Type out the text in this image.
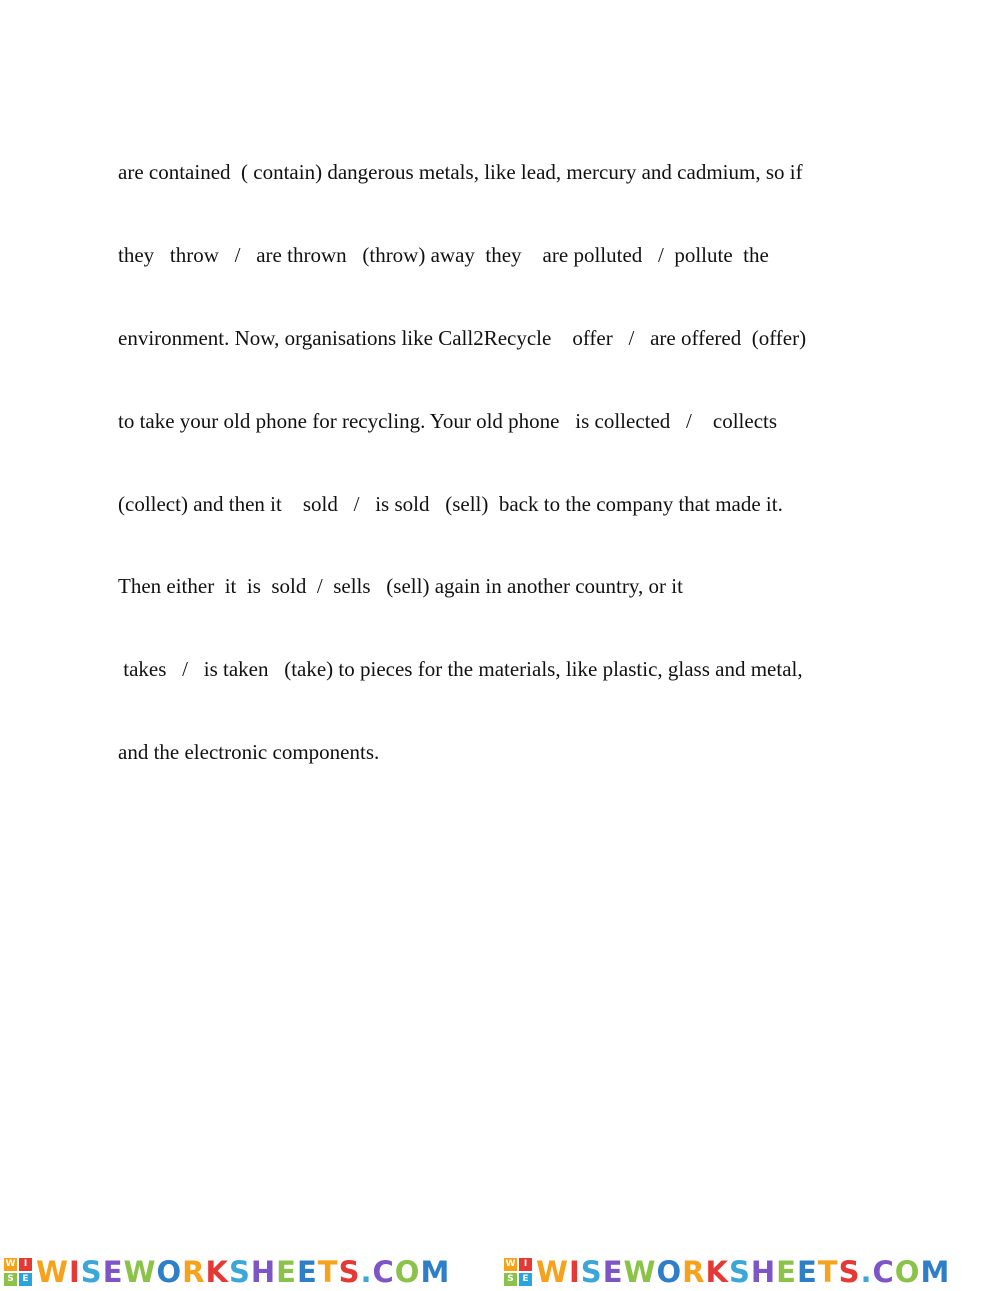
are contained  ( contain) dangerous metals, like lead, mercury and cadmium, so if
they   throw   /   are thrown   (throw) away  they    are polluted   /  pollute  the
environment. Now, organisations like Call2Recycle    offer   /   are offered  (offer)
to take your old phone for recycling. Your old phone   is collected   /    collects
(collect) and then it    sold   /   is sold   (sell)  back to the company that made it.
Then either  it  is  sold  /  sells   (sell) again in another country, or it
takes   /   is taken   (take) to pieces for the materials, like plastic, glass and metal,
and the electronic components.
W I
S E WISEWORKSHEETS.COM	W I
S E WISEWORKSHEETS.COM
